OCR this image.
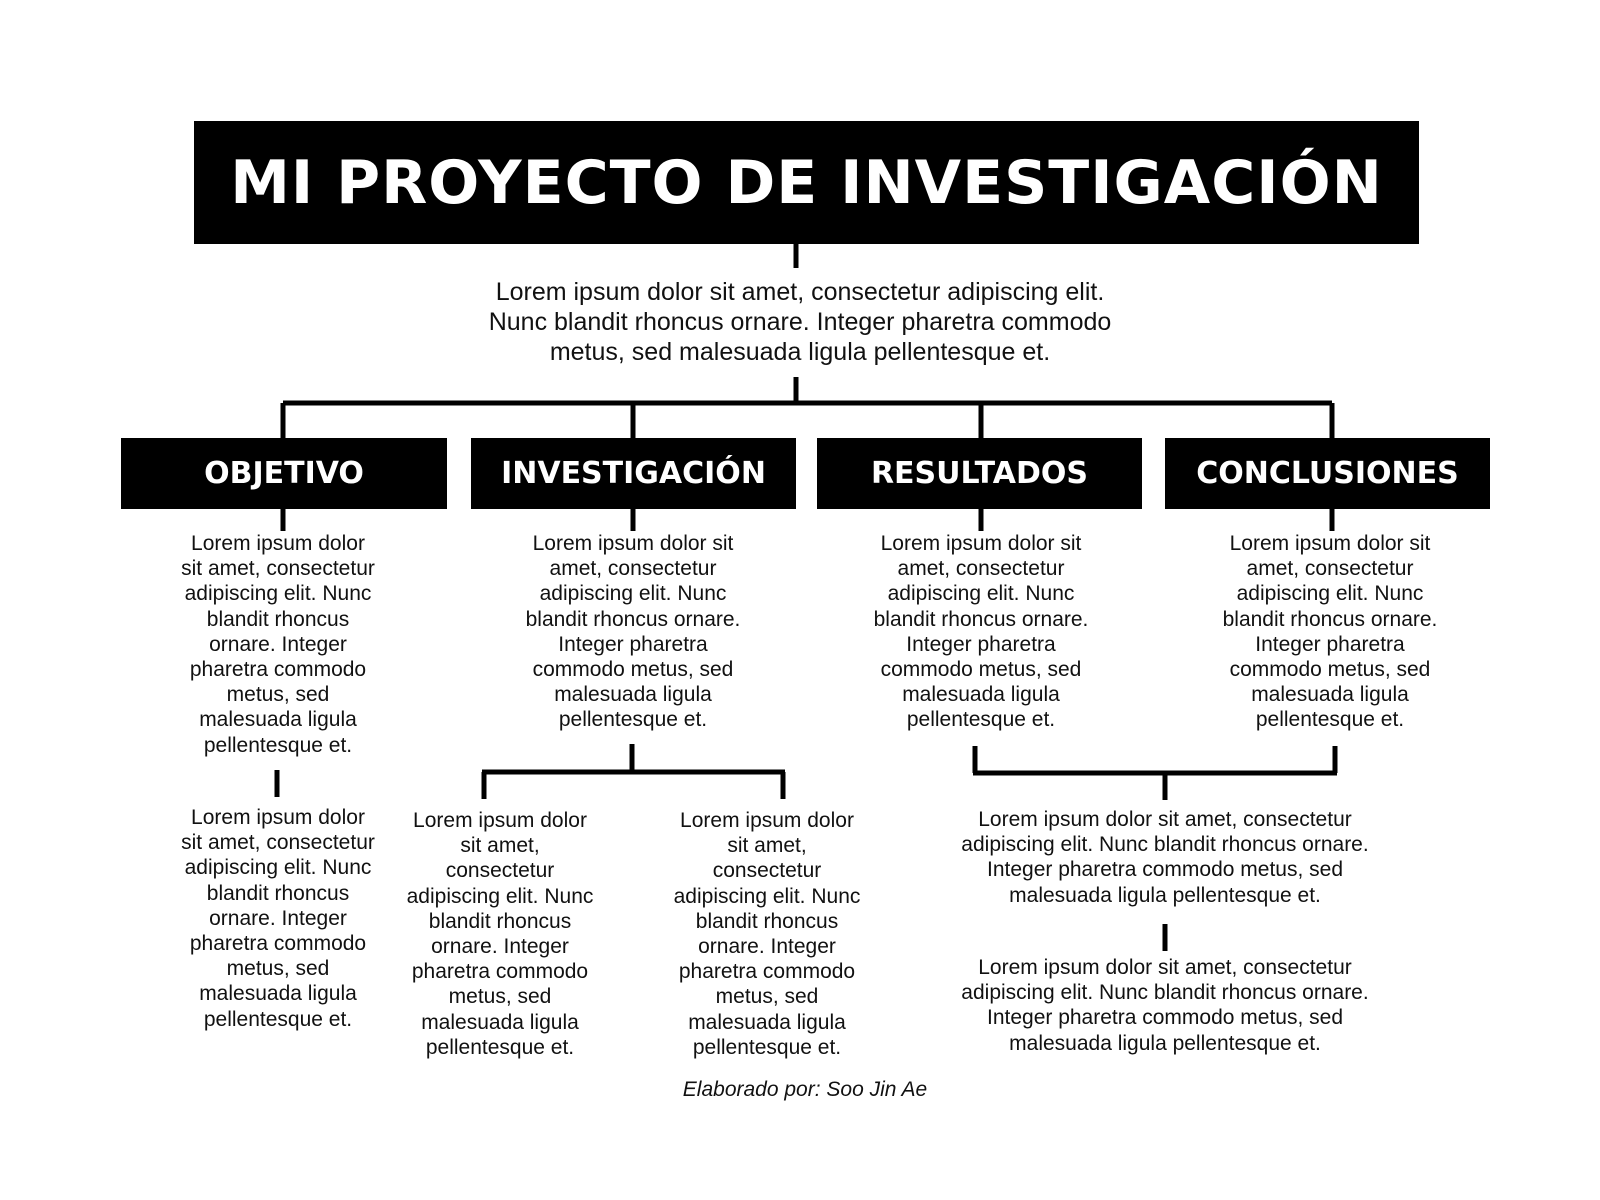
MI PROYECTO DE INVESTIGACIÓN
Lorem ipsum dolor sit amet, consectetur adipiscing elit.
Nunc blandit rhoncus ornare. Integer pharetra commodo
metus, sed malesuada ligula pellentesque et.
OBJETIVO	INVESTIGACIÓN	RESULTADOS	CONCLUSIONES
Lorem ipsum dolor
sit amet, consectetur
adipiscing elit. Nunc
blandit rhoncus
ornare. Integer
pharetra commodo
metus, sed
malesuada ligula
pellentesque et.
Lorem ipsum dolor sit
amet, consectetur
adipiscing elit. Nunc
blandit rhoncus ornare.
Integer pharetra
commodo metus, sed
malesuada ligula
pellentesque et.
Lorem ipsum dolor sit
amet, consectetur
adipiscing elit. Nunc
blandit rhoncus ornare.
Integer pharetra
commodo metus, sed
malesuada ligula
pellentesque et.
Lorem ipsum dolor sit
amet, consectetur
adipiscing elit. Nunc
blandit rhoncus ornare.
Integer pharetra
commodo metus, sed
malesuada ligula
pellentesque et.
Lorem ipsum dolor
sit amet, consectetur
adipiscing elit. Nunc
blandit rhoncus
ornare. Integer
pharetra commodo
metus, sed
malesuada ligula
pellentesque et.
Lorem ipsum dolor
sit amet,
consectetur
adipiscing elit. Nunc
blandit rhoncus
ornare. Integer
pharetra commodo
metus, sed
malesuada ligula
pellentesque et.
Lorem ipsum dolor
sit amet,
consectetur
adipiscing elit. Nunc
blandit rhoncus
ornare. Integer
pharetra commodo
metus, sed
malesuada ligula
pellentesque et.
Lorem ipsum dolor sit amet, consectetur
adipiscing elit. Nunc blandit rhoncus ornare.
Integer pharetra commodo metus, sed
malesuada ligula pellentesque et.
Lorem ipsum dolor sit amet, consectetur
adipiscing elit. Nunc blandit rhoncus ornare.
Integer pharetra commodo metus, sed
malesuada ligula pellentesque et.
Elaborado por: Soo Jin Ae
